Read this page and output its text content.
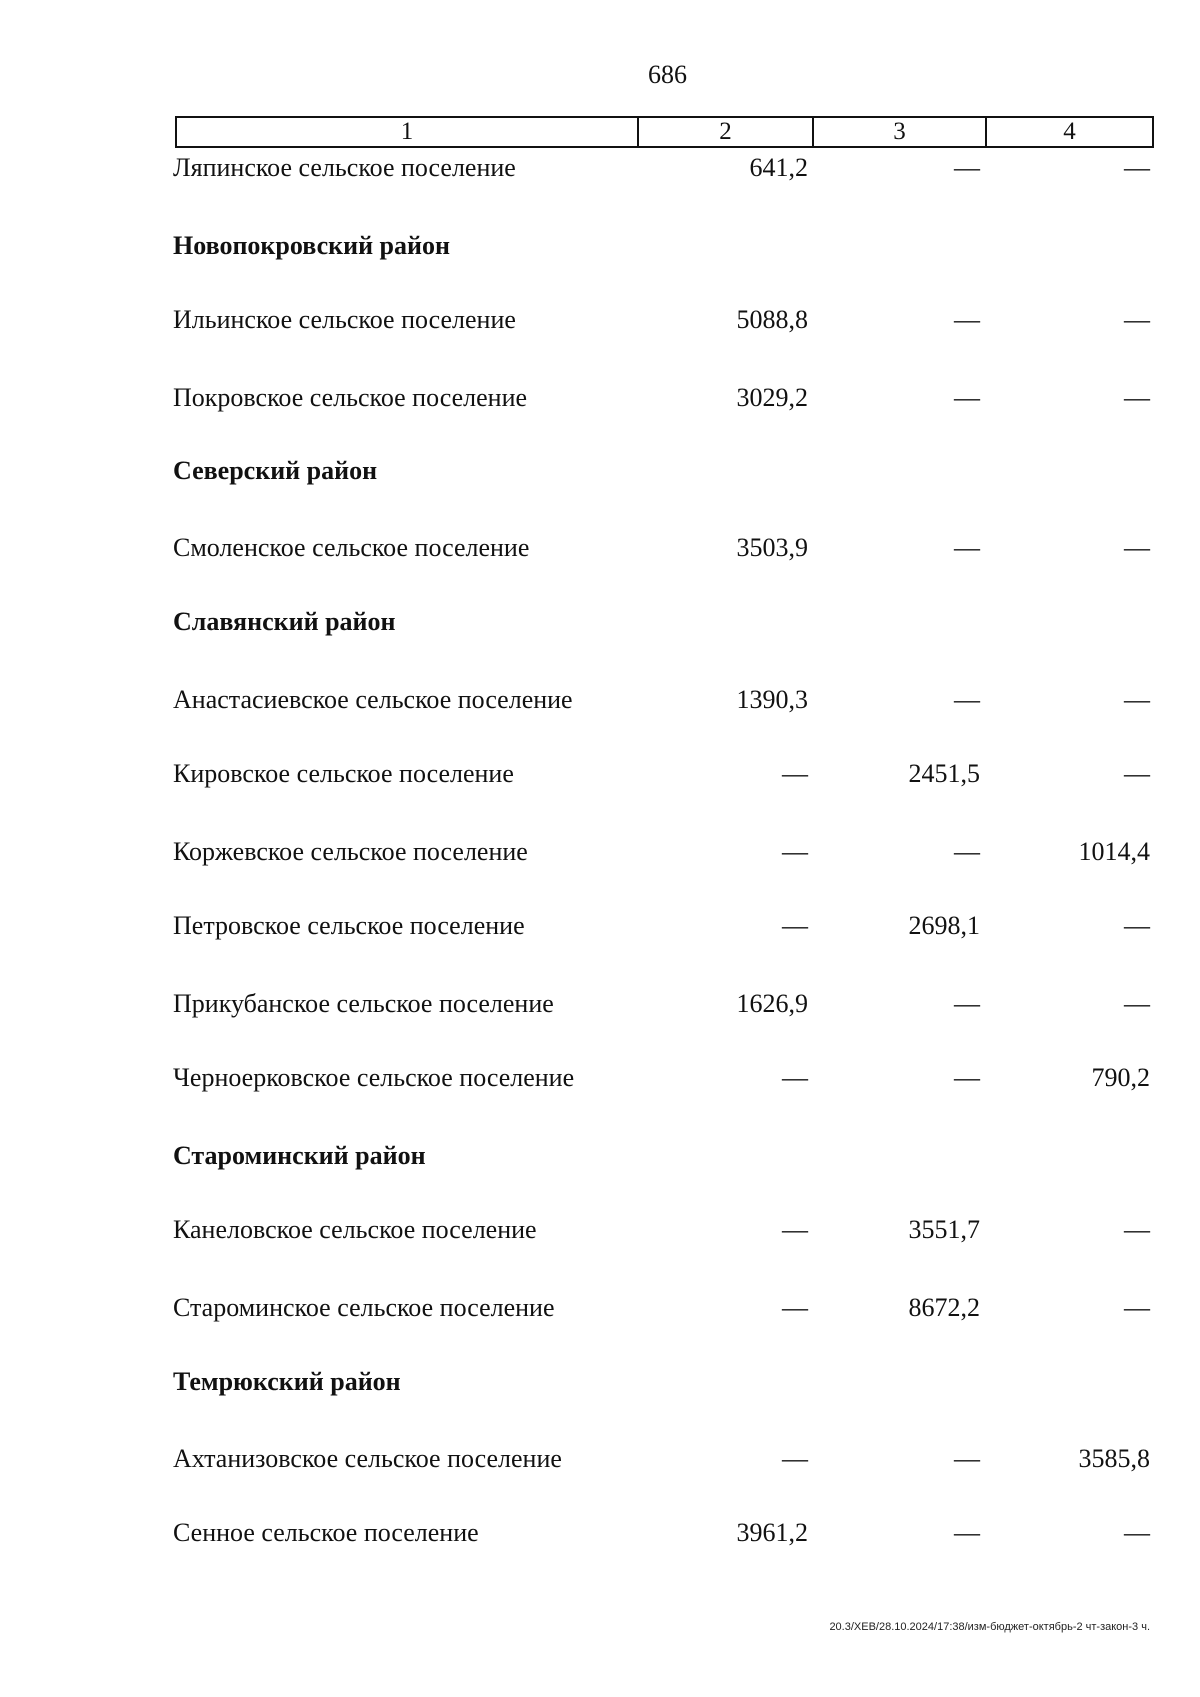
686
1	2	3	4
Ляпинское сельское поселение	641,2	—	—
Новопокровский район
Ильинское сельское поселение	5088,8	—	—
Покровское сельское поселение	3029,2	—	—
Северский район
Смоленское сельское поселение	3503,9	—	—
Славянский район
Анастасиевское сельское поселение	1390,3	—	—
Кировское сельское поселение	—	2451,5	—
Коржевское сельское поселение	—	—	1014,4
Петровское сельское поселение	—	2698,1	—
Прикубанское сельское поселение	1626,9	—	—
Черноерковское сельское поселение	—	—	790,2
Староминский район
Канеловское сельское поселение	—	3551,7	—
Староминское сельское поселение	—	8672,2	—
Темрюкский район
Ахтанизовское сельское поселение	—	—	3585,8
Сенное сельское поселение	3961,2	—	—
20.3/ХЕВ/28.10.2024/17:38/изм-бюджет-октябрь-2 чт-закон-3 ч.
